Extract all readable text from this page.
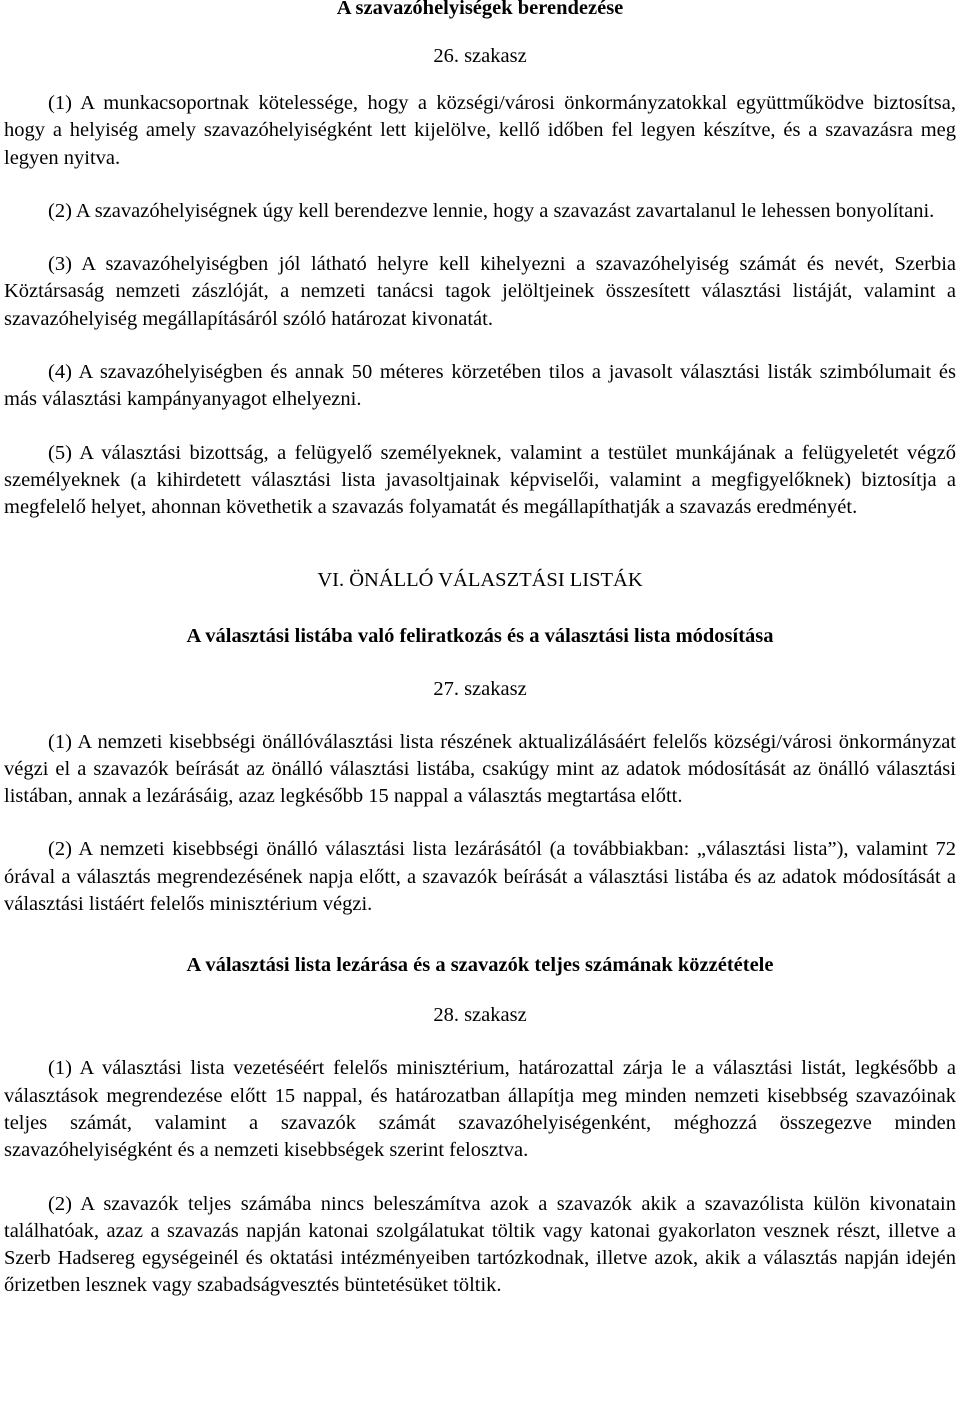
A szavazóhelyiségek berendezése

26. szakasz

(1) A munkacsoportnak kötelessége, hogy a községi/városi önkormányzatokkal együttműködve biztosítsa, hogy a helyiség amely szavazóhelyiségként lett kijelölve, kellő időben fel legyen készítve, és a szavazásra meg legyen nyitva.

(2) A szavazóhelyiségnek úgy kell berendezve lennie, hogy a szavazást zavartalanul le lehessen bonyolítani.

(3) A szavazóhelyiségben jól látható helyre kell kihelyezni a szavazóhelyiség számát és nevét, Szerbia Köztársaság nemzeti zászlóját, a nemzeti tanácsi tagok jelöltjeinek összesített választási listáját, valamint a szavazóhelyiség megállapításáról szóló határozat kivonatát.

(4) A szavazóhelyiségben és annak 50 méteres körzetében tilos a javasolt választási listák szimbólumait és más választási kampányanyagot elhelyezni.

(5) A választási bizottság, a felügyelő személyeknek, valamint a testület munkájának a felügyeletét végző személyeknek (a kihirdetett választási lista javasoltjainak képviselői, valamint a megfigyelőknek) biztosítja a megfelelő helyet, ahonnan követhetik a szavazás folyamatát és megállapíthatják a szavazás eredményét.

VI. ÖNÁLLÓ VÁLASZTÁSI LISTÁK

A választási listába való feliratkozás és a választási lista módosítása

27. szakasz

(1) A nemzeti kisebbségi önállóválasztási lista részének aktualizálásáért felelős községi/városi önkormányzat végzi el a szavazók beírását az önálló választási listába, csakúgy mint az adatok módosítását az önálló választási listában, annak a lezárásáig, azaz legkésőbb 15 nappal a választás megtartása előtt.

(2) A nemzeti kisebbségi önálló választási lista lezárásától (a továbbiakban: „választási lista”), valamint 72 órával a választás megrendezésének napja előtt, a szavazók beírását a választási listába és az adatok módosítását a választási listáért felelős minisztérium végzi.

A választási lista lezárása és a szavazók teljes számának közzététele

28. szakasz

(1) A választási lista vezetéséért felelős minisztérium, határozattal zárja le a választási listát, legkésőbb a választások megrendezése előtt 15 nappal, és határozatban állapítja meg minden nemzeti kisebbség szavazóinak teljes számát, valamint a szavazók számát szavazóhelyiségenként, méghozzá összegezve minden szavazóhelyiségként és a nemzeti kisebbségek szerint felosztva.

(2) A szavazók teljes számába nincs beleszámítva azok a szavazók akik a szavazólista külön kivonatain találhatóak, azaz a szavazás napján katonai szolgálatukat töltik vagy katonai gyakorlaton vesznek részt, illetve a Szerb Hadsereg egységeinél és oktatási intézményeiben tartózkodnak, illetve azok, akik a választás napján idején őrizetben lesznek vagy szabadságvesztés büntetésüket töltik.
